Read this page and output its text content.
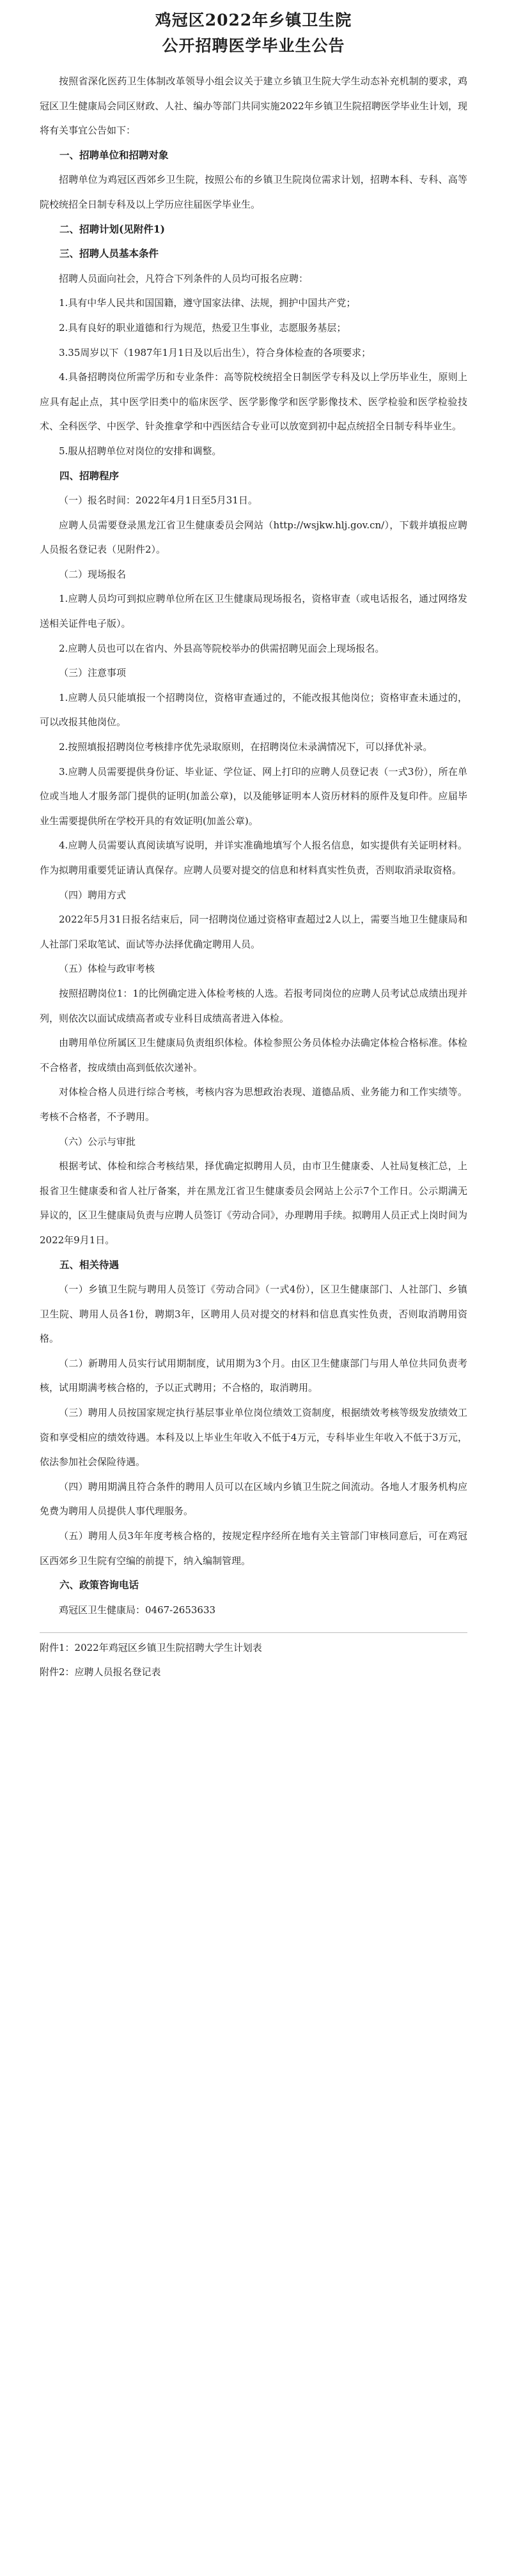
鸡冠区2022年乡镇卫生院
公开招聘医学毕业生公告

按照省深化医药卫生体制改革领导小组会议关于建立乡镇卫生院大学生动态补充机制的要求，鸡冠区卫生健康局会同区财政、人社、编办等部门共同实施2022年乡镇卫生院招聘医学毕业生计划，现将有关事宜公告如下：

一、招聘单位和招聘对象

招聘单位为鸡冠区西郊乡卫生院，按照公布的乡镇卫生院岗位需求计划，招聘本科、专科、高等院校统招全日制专科及以上学历应往届医学毕业生。

二、招聘计划(见附件1)

三、招聘人员基本条件

招聘人员面向社会，凡符合下列条件的人员均可报名应聘：

1.具有中华人民共和国国籍，遵守国家法律、法规，拥护中国共产党；

2.具有良好的职业道德和行为规范，热爱卫生事业，志愿服务基层；

3.35周岁以下（1987年1月1日及以后出生），符合身体检查的各项要求；

4.具备招聘岗位所需学历和专业条件：高等院校统招全日制医学专科及以上学历毕业生，原则上应具有起止点，其中医学旧类中的临床医学、医学影像学和医学影像技术、医学检验和医学检验技术、全科医学、中医学、针灸推拿学和中西医结合专业可以放宽到初中起点统招全日制专科毕业生。

5.服从招聘单位对岗位的安排和调整。

四、招聘程序

（一）报名时间：2022年4月1日至5月31日。

应聘人员需要登录黑龙江省卫生健康委员会网站（http://wsjkw.hlj.gov.cn/），下载并填报应聘人员报名登记表（见附件2）。

（二）现场报名

1.应聘人员均可到拟应聘单位所在区卫生健康局现场报名，资格审查（或电话报名，通过网络发送相关证件电子版）。

2.应聘人员也可以在省内、外县高等院校举办的供需招聘见面会上现场报名。

（三）注意事项

1.应聘人员只能填报一个招聘岗位，资格审查通过的，不能改报其他岗位；资格审查未通过的，可以改报其他岗位。

2.按照填报招聘岗位考核排序优先录取原则，在招聘岗位未录满情况下，可以择优补录。

3.应聘人员需要提供身份证、毕业证、学位证、网上打印的应聘人员登记表（一式3份），所在单位或当地人才服务部门提供的证明(加盖公章)，以及能够证明本人资历材料的原件及复印件。应届毕业生需要提供所在学校开具的有效证明(加盖公章)。

4.应聘人员需要认真阅读填写说明，并详实准确地填写个人报名信息，如实提供有关证明材料。作为拟聘用重要凭证请认真保存。应聘人员要对提交的信息和材料真实性负责，否则取消录取资格。

（四）聘用方式

2022年5月31日报名结束后，同一招聘岗位通过资格审查超过2人以上，需要当地卫生健康局和人社部门采取笔试、面试等办法择优确定聘用人员。

（五）体检与政审考核

按照招聘岗位1：1的比例确定进入体检考核的人选。若报考同岗位的应聘人员考试总成绩出现并列，则依次以面试成绩高者或专业科目成绩高者进入体检。

由聘用单位所属区卫生健康局负责组织体检。体检参照公务员体检办法确定体检合格标准。体检不合格者，按成绩由高到低依次递补。

对体检合格人员进行综合考核，考核内容为思想政治表现、道德品质、业务能力和工作实绩等。考核不合格者，不予聘用。

（六）公示与审批

根据考试、体检和综合考核结果，择优确定拟聘用人员，由市卫生健康委、人社局复核汇总，上报省卫生健康委和省人社厅备案，并在黑龙江省卫生健康委员会网站上公示7个工作日。公示期满无异议的，区卫生健康局负责与应聘人员签订《劳动合同》，办理聘用手续。拟聘用人员正式上岗时间为2022年9月1日。

五、相关待遇

（一）乡镇卫生院与聘用人员签订《劳动合同》（一式4份），区卫生健康部门、人社部门、乡镇卫生院、聘用人员各1份，聘期3年，区聘用人员对提交的材料和信息真实性负责，否则取消聘用资格。

（二）新聘用人员实行试用期制度，试用期为3个月。由区卫生健康部门与用人单位共同负责考核，试用期满考核合格的，予以正式聘用；不合格的，取消聘用。

（三）聘用人员按国家规定执行基层事业单位岗位绩效工资制度，根据绩效考核等级发放绩效工资和享受相应的绩效待遇。本科及以上毕业生年收入不低于4万元，专科毕业生年收入不低于3万元，依法参加社会保险待遇。

（四）聘用期满且符合条件的聘用人员可以在区域内乡镇卫生院之间流动。各地人才服务机构应免费为聘用人员提供人事代理服务。

（五）聘用人员3年年度考核合格的，按规定程序经所在地有关主管部门审核同意后，可在鸡冠区西郊乡卫生院有空编的前提下，纳入编制管理。

六、政策咨询电话

鸡冠区卫生健康局：0467-2653633

附件1：2022年鸡冠区乡镇卫生院招聘大学生计划表

附件2：应聘人员报名登记表
